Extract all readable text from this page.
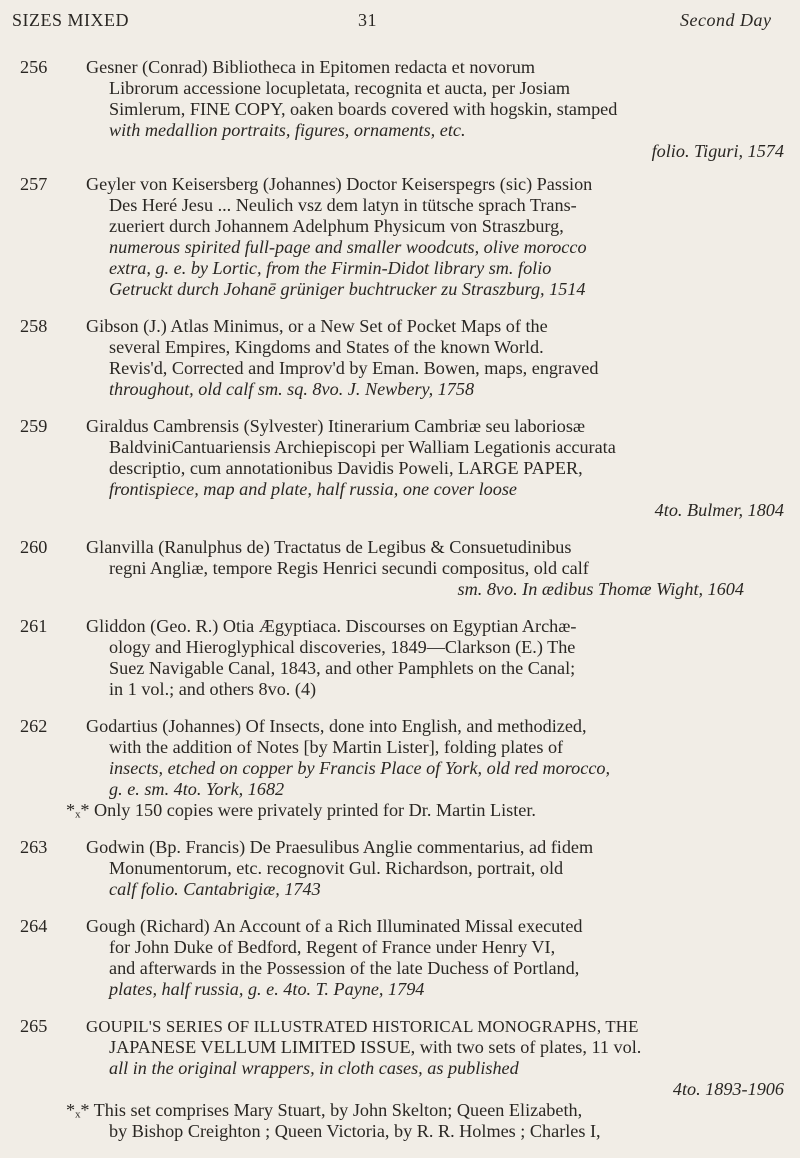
SIZES MIXED	31	Second Day
256	Gesner (Conrad) Bibliotheca in Epitomen redacta et novorum
Librorum accessione locupletata, recognita et aucta, per Josiam
Simlerum, FINE COPY, oaken boards covered with hogskin, stamped
with medallion portraits, figures, ornaments, etc.
folio. Tiguri, 1574
257	Geyler von Keisersberg (Johannes) Doctor Keiserspegrs (sic) Passion
Des Heré Jesu ... Neulich vsz dem latyn in tütsche sprach Trans-
zueriert durch Johannem Adelphum Physicum von Straszburg,
numerous spirited full-page and smaller woodcuts, olive morocco
extra, g. e. by Lortic, from the Firmin-Didot library sm. folio
Getruckt durch Johanē grüniger buchtrucker zu Straszburg, 1514
258	Gibson (J.) Atlas Minimus, or a New Set of Pocket Maps of the
several Empires, Kingdoms and States of the known World.
Revis'd, Corrected and Improv'd by Eman. Bowen, maps, engraved
throughout, old calf sm. sq. 8vo. J. Newbery, 1758
259	Giraldus Cambrensis (Sylvester) Itinerarium Cambriæ seu laboriosæ
BaldviniCantuariensis Archiepiscopi per Walliam Legationis accurata
descriptio, cum annotationibus Davidis Poweli, LARGE PAPER,
frontispiece, map and plate, half russia, one cover loose
4to. Bulmer, 1804
260	Glanvilla (Ranulphus de) Tractatus de Legibus & Consuetudinibus
regni Angliæ, tempore Regis Henrici secundi compositus, old calf
sm. 8vo. In ædibus Thomæ Wight, 1604
261	Gliddon (Geo. R.) Otia Ægyptiaca. Discourses on Egyptian Archæ-
ology and Hieroglyphical discoveries, 1849—Clarkson (E.) The
Suez Navigable Canal, 1843, and other Pamphlets on the Canal;
in 1 vol.; and others 8vo. (4)
262	Godartius (Johannes) Of Insects, done into English, and methodized,
with the addition of Notes [by Martin Lister], folding plates of
insects, etched on copper by Francis Place of York, old red morocco,
g. e. sm. 4to. York, 1682
*ₓ* Only 150 copies were privately printed for Dr. Martin Lister.
263	Godwin (Bp. Francis) De Praesulibus Anglie commentarius, ad fidem
Monumentorum, etc. recognovit Gul. Richardson, portrait, old
calf folio. Cantabrigiæ, 1743
264	Gough (Richard) An Account of a Rich Illuminated Missal executed
for John Duke of Bedford, Regent of France under Henry VI,
and afterwards in the Possession of the late Duchess of Portland,
plates, half russia, g. e. 4to. T. Payne, 1794
265	GOUPIL'S SERIES OF ILLUSTRATED HISTORICAL MONOGRAPHS, THE
JAPANESE VELLUM LIMITED ISSUE, with two sets of plates, 11 vol.
all in the original wrappers, in cloth cases, as published
4to. 1893-1906
*ₓ* This set comprises Mary Stuart, by John Skelton; Queen Elizabeth,
by Bishop Creighton ; Queen Victoria, by R. R. Holmes ; Charles I,
